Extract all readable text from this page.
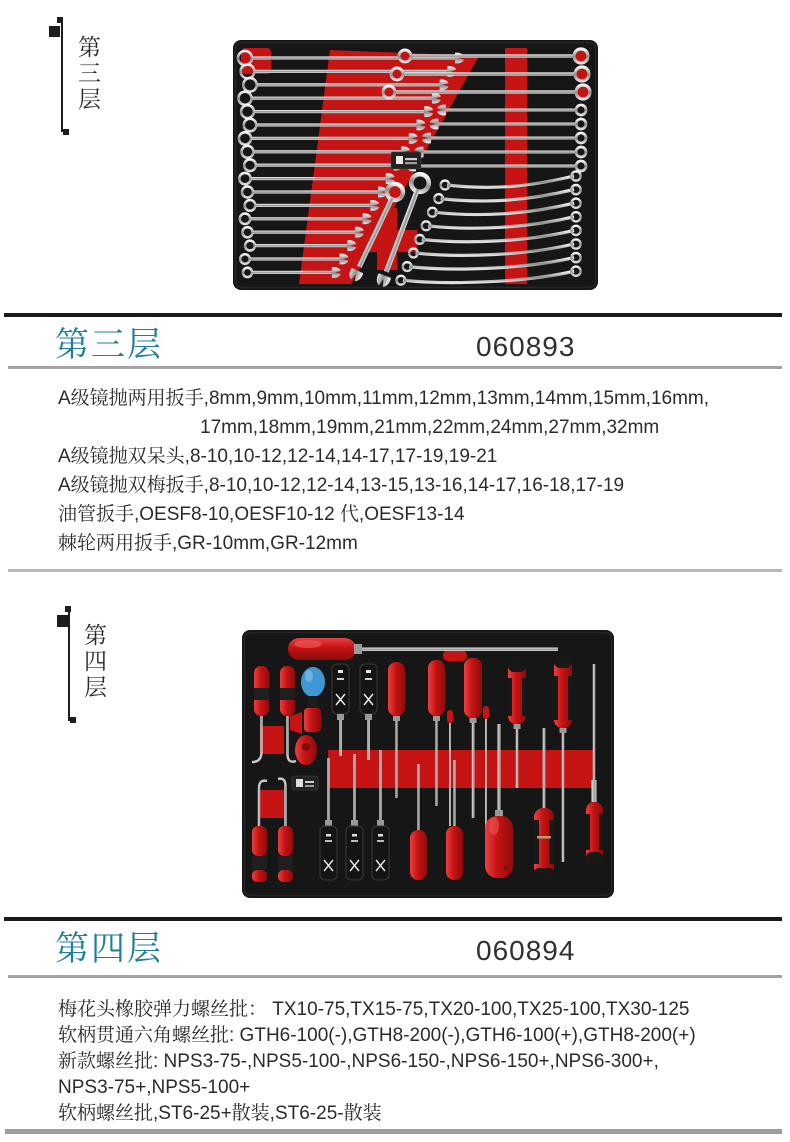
第三层
第三层	060893
A级镜抛两用扳手,8mm,9mm,10mm,11mm,12mm,13mm,14mm,15mm,16mm,
17mm,18mm,19mm,21mm,22mm,24mm,27mm,32mm
A级镜抛双呆头,8-10,10-12,12-14,14-17,17-19,19-21
A级镜抛双梅扳手,8-10,10-12,12-14,13-15,13-16,14-17,16-18,17-19
油管扳手,OESF8-10,OESF10-12 代,OESF13-14
棘轮两用扳手,GR-10mm,GR-12mm
第四层
第四层	060894
梅花头橡胶弹力螺丝批： TX10-75,TX15-75,TX20-100,TX25-100,TX30-125
软柄贯通六角螺丝批: GTH6-100(-),GTH8-200(-),GTH6-100(+),GTH8-200(+)
新款螺丝批: NPS3-75-,NPS5-100-,NPS6-150-,NPS6-150+,NPS6-300+,
NPS3-75+,NPS5-100+
软柄螺丝批,ST6-25+散装,ST6-25-散装
